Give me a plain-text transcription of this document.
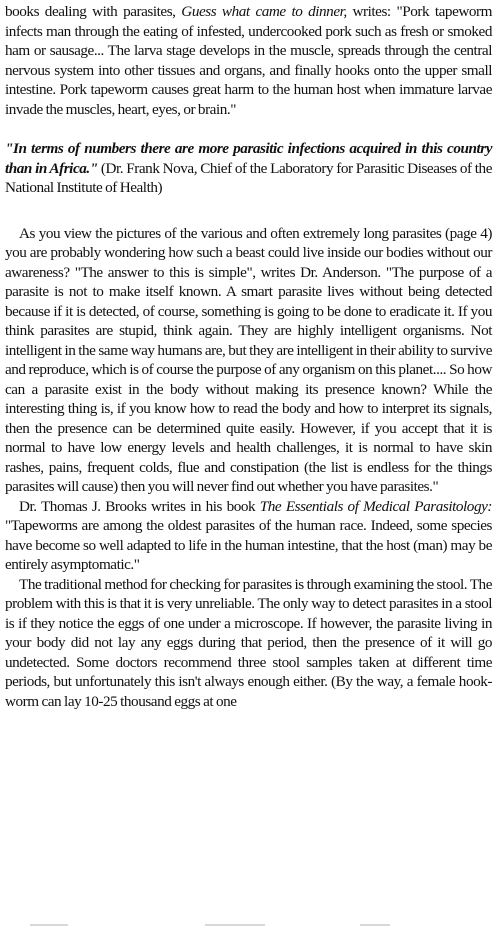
books dealing with parasites, Guess what came to dinner, writes: "Pork tapeworm infects man through the eating of infested, undercooked pork such as fresh or smoked ham or sausage... The larva stage develops in the muscle, spreads through the central nervous system into other tissues and organs, and finally hooks onto the upper small intestine. Pork tapeworm causes great harm to the human host when immature larvae invade the muscles, heart, eyes, or brain."

"In terms of numbers there are more parasitic infections acquired in this country than in Africa." (Dr. Frank Nova, Chief of the Laboratory for Parasitic Diseases of the National Institute of Health)

As you view the pictures of the various and often extremely long parasites (page 4) you are probably wondering how such a beast could live inside our bodies without our awareness? "The answer to this is simple", writes Dr. Anderson. "The purpose of a parasite is not to make itself known. A smart parasite lives without being detected because if it is detected, of course, something is going to be done to eradicate it. If you think parasites are stupid, think again. They are highly intelligent organisms. Not intelligent in the same way humans are, but they are intelligent in their ability to survive and reproduce, which is of course the purpose of any organism on this planet.... So how can a parasite exist in the body without making its presence known? While the interesting thing is, if you know how to read the body and how to interpret its signals, then the presence can be determined quite easily. However, if you accept that it is normal to have low energy levels and health challenges, it is normal to have skin rashes, pains, frequent colds, flue and constipation (the list is endless for the things parasites will cause) then you will never find out whether you have parasites."

Dr. Thomas J. Brooks writes in his book The Essentials of Medical Parasitology: "Tapeworms are among the oldest parasites of the human race. Indeed, some species have become so well adapted to life in the human intestine, that the host (man) may be entirely asymptomatic."

The traditional method for checking for parasites is through examining the stool. The problem with this is that it is very unreliable. The only way to detect parasites in a stool is if they notice the eggs of one under a microscope. If however, the parasite living in your body did not lay any eggs during that period, then the presence of it will go undetected. Some doctors recommend three stool samples taken at different time periods, but unfortunately this isn't always enough either. (By the way, a female hook-worm can lay 10-25 thousand eggs at one
